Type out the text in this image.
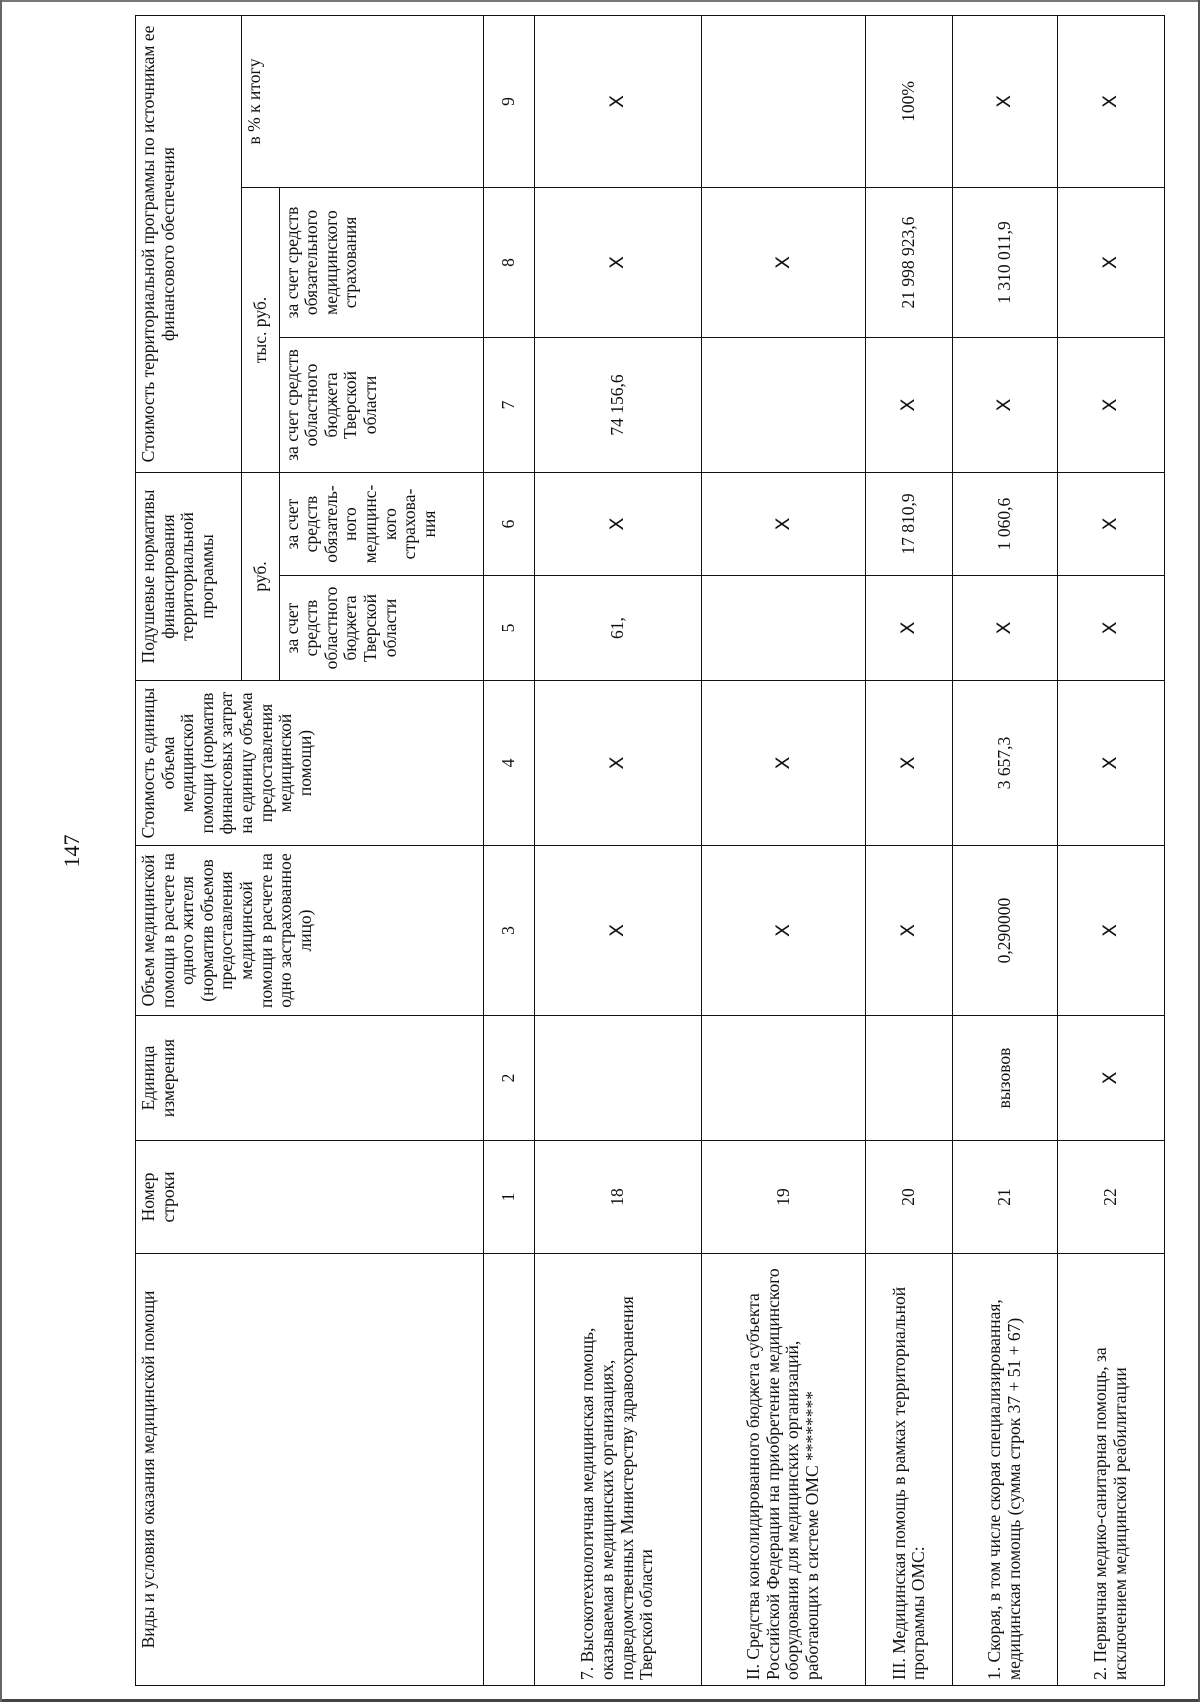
147
Виды и условия оказания медицинской помощи	Номер строки	Единица измерения	Объем медицинской помощи в расчете на одного жителя (норматив объемов предоставления медицинской помощи в расчете на одно застрахованное лицо)	Стоимость единицы объема медицинской помощи (норматив финансовых затрат на единицу объема предоставления медицинской помощи)	Подушевые нормативы финансирования территориальной программы		Стоимость территориальной программы по источникам ее финансового обеспечения		
					руб.		тыс. руб.		в % к итогу
					за счет средств областного бюджета Тверской области	за счет средств обязатель-ного медицинс-кого страхова-ния	за счет средств областного бюджета Тверской области	за счет средств обязательного медицинского страхования	
	1	2	3	4	5	6	7	8	9
7. Высокотехнологичная медицинская помощь, оказываемая в медицинских организациях, подведомственных Министерству здравоохранения Тверской области	18		X	X	61,	X	74 156,6	X	X
II. Средства консолидированного бюджета субъекта Российской Федерации на приобретение медицинского оборудования для медицинских организаций, работающих в системе ОМС ********	19		X	X		X		X	
III. Медицинская помощь в рамках территориальной программы ОМС:	20		X	X	X	17 810,9	X	21 998 923,6	100%
1. Скорая, в том числе скорая специализированная, медицинская помощь (сумма строк 37 + 51 + 67)	21	вызовов	0,290000	3 657,3	X	1 060,6	X	1 310 011,9	X
2. Первичная медико-санитарная помощь, за исключением медицинской реабилитации	22	X	X	X	X	X	X	X	X
